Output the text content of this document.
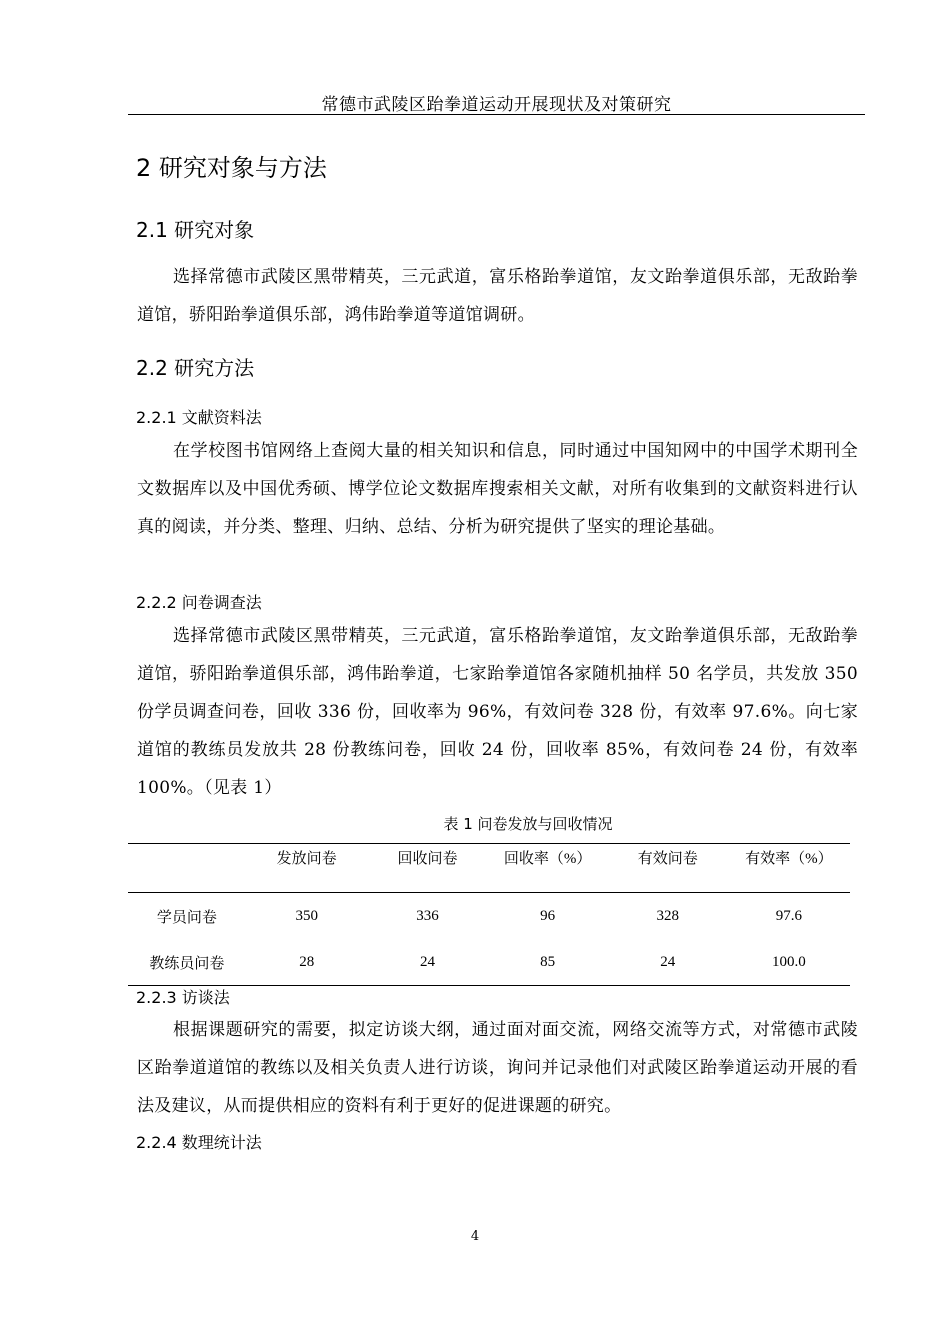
常德市武陵区跆拳道运动开展现状及对策研究
2 研究对象与方法
2.1 研究对象
选择常德市武陵区黑带精英，三元武道，富乐格跆拳道馆，友文跆拳道俱乐部，无敌跆拳道馆，骄阳跆拳道俱乐部，鸿伟跆拳道等道馆调研。
2.2 研究方法
2.2.1 文献资料法
在学校图书馆网络上查阅大量的相关知识和信息，同时通过中国知网中的中国学术期刊全文数据库以及中国优秀硕、博学位论文数据库搜索相关文献，对所有收集到的文献资料进行认真的阅读，并分类、整理、归纳、总结、分析为研究提供了坚实的理论基础。
2.2.2 问卷调查法
选择常德市武陵区黑带精英，三元武道，富乐格跆拳道馆，友文跆拳道俱乐部，无敌跆拳道馆，骄阳跆拳道俱乐部，鸿伟跆拳道，七家跆拳道馆各家随机抽样 50 名学员，共发放 350 份学员调查问卷，回收 336 份，回收率为 96%，有效问卷 328 份，有效率 97.6%。向七家道馆的教练员发放共 28 份教练问卷，回收 24 份，回收率 85%，有效问卷 24 份，有效率 100%。（见表 1）
表 1 问卷发放与回收情况
	发放问卷	回收问卷	回收率（%）	有效问卷	有效率（%）
学员问卷	350	336	96	328	97.6
教练员问卷	28	24	85	24	100.0
2.2.3 访谈法
根据课题研究的需要，拟定访谈大纲，通过面对面交流，网络交流等方式，对常德市武陵区跆拳道道馆的教练以及相关负责人进行访谈，询问并记录他们对武陵区跆拳道运动开展的看法及建议，从而提供相应的资料有利于更好的促进课题的研究。
2.2.4 数理统计法
4
